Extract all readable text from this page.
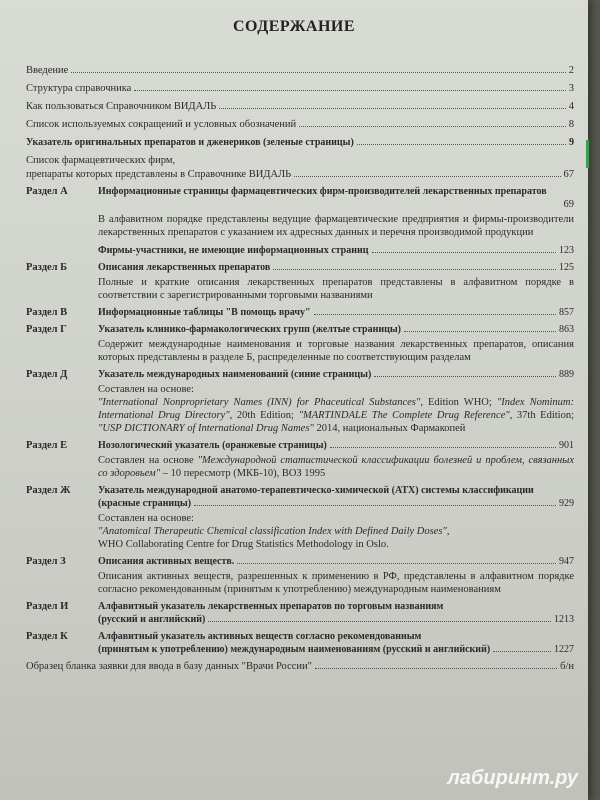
СОДЕРЖАНИЕ
Введение	2
Структура справочника	3
Как пользоваться Справочником ВИДАЛЬ	4
Список используемых сокращений и условных обозначений	8
Указатель оригинальных препаратов и дженериков (зеленые страницы)	9
Список фармацевтических фирм,
препараты которых представлены в Справочнике ВИДАЛЬ	67
Раздел А	Информационные страницы фармацевтических фирм-производителей лекарственных препаратов
69
В алфавитном порядке представлены ведущие фармацевтические предприятия и фирмы-производители лекарственных препаратов с указанием их адресных данных и перечня производимой продукции
Фирмы-участники, не имеющие информационных страниц	123
Раздел Б	Описания лекарственных препаратов	125
Полные и краткие описания лекарственных препаратов представлены в алфавитном порядке в соответствии с зарегистрированными торговыми названиями
Раздел В	Информационные таблицы "В помощь врачу"	857
Раздел Г	Указатель клинико-фармакологических групп (желтые страницы)	863
Содержит международные наименования и торговые названия лекарственных препаратов, описания которых представлены в разделе Б, распределенные по соответствующим разделам
Раздел Д	Указатель международных наименований (синие страницы)	889
Составлен на основе:
"International Nonproprietary Names (INN) for Phaceutical Substances", Edition WHO; "Index Nominum: International Drug Directory", 20th Edition; "MARTINDALE The Complete Drug Reference", 37th Edition; "USP DICTIONARY of International Drug Names" 2014, национальных Фармакопей
Раздел Е	Нозологический указатель (оранжевые страницы)	901
Составлен на основе "Международной статистической классификации болезней и проблем, связанных со здоровьем" – 10 пересмотр (МКБ-10), ВОЗ 1995
Раздел Ж	Указатель международной анатомо-терапевтическо-химической (АТХ) системы классификации
(красные страницы)	929
Составлен на основе:
"Anatomical Therapeutic Chemical classification Index with Defined Daily Doses",
WHO Collaborating Centre for Drug Statistics Methodology in Oslo.
Раздел З	Описания активных веществ.	947
Описания активных веществ, разрешенных к применению в РФ, представлены в алфавитном порядке согласно рекомендованным (принятым к употреблению) международным наименованиям
Раздел И	Алфавитный указатель лекарственных препаратов по торговым названиям
(русский и английский)	1213
Раздел К	Алфавитный указатель активных веществ согласно рекомендованным
(принятым к употреблению) международным наименованиям (русский и английский)	1227
Образец бланка заявки для ввода в базу данных "Врачи России"	б/н
лабиринт.ру
